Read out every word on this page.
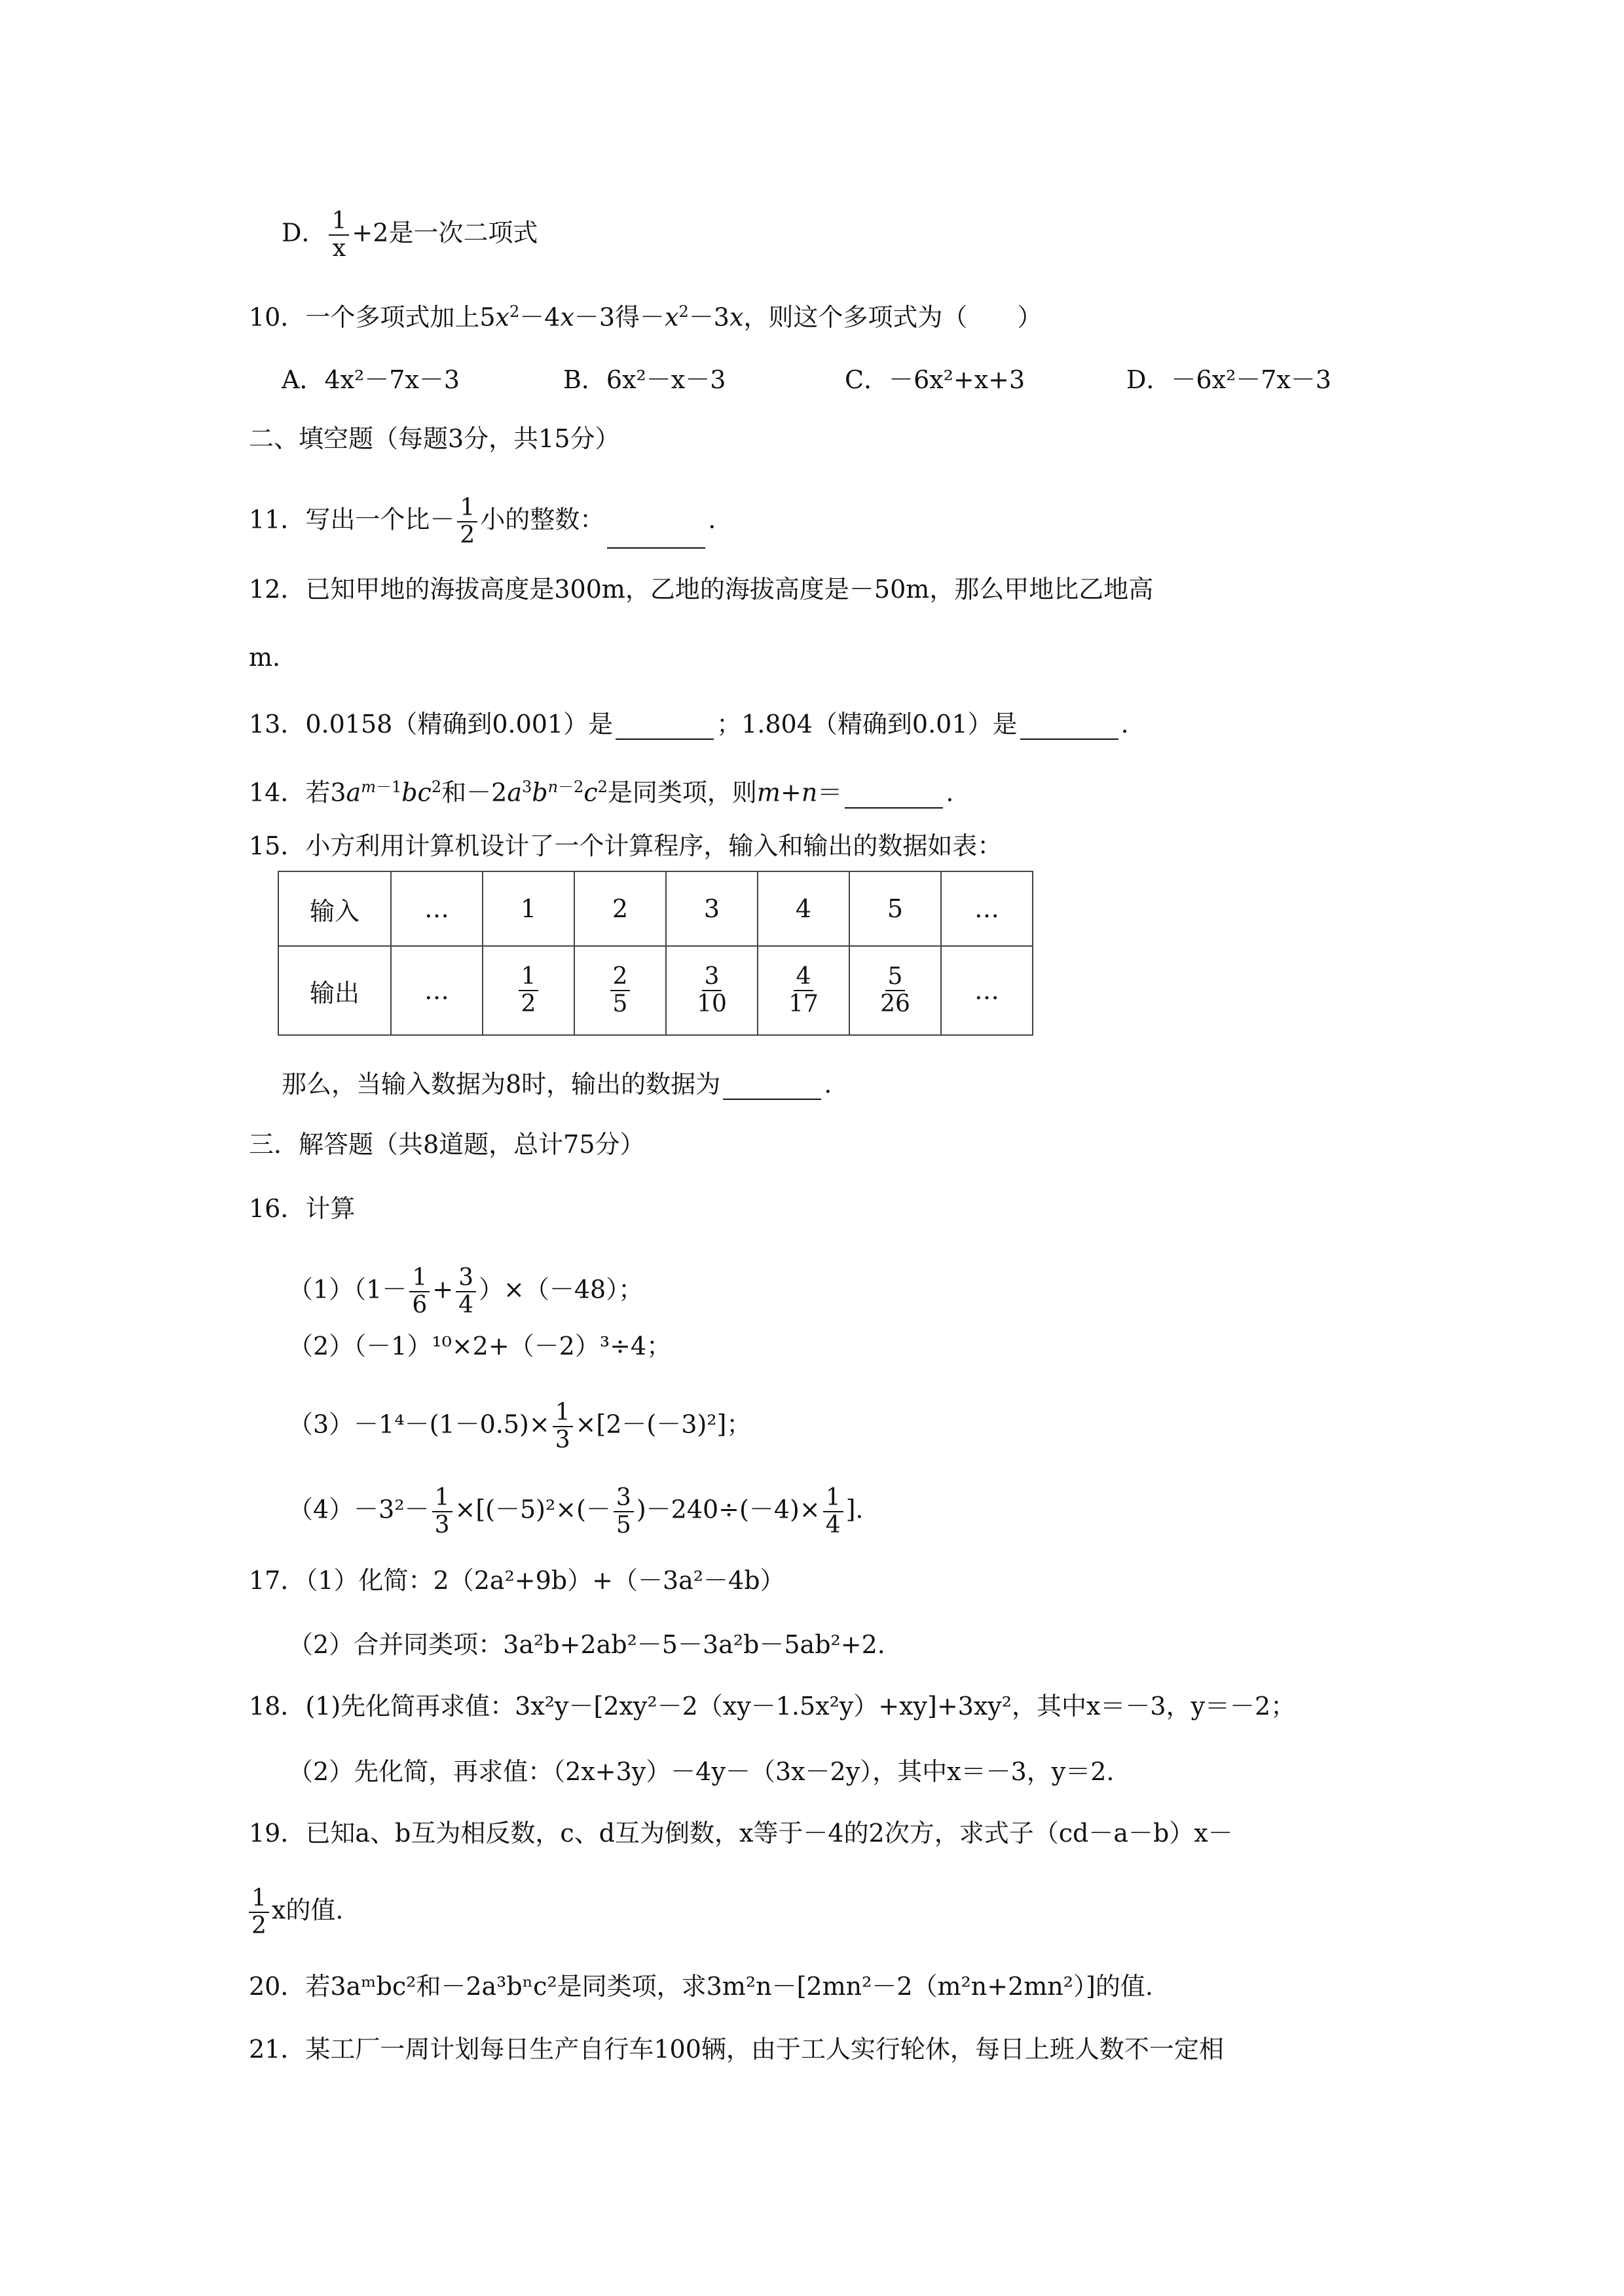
D． $\frac{1}{x} +2$是一次二项式
10．一个多项式加上$5x^2-4x-3$得$-x^2-3x$，则这个多项式为（　　）
A．4x²－7x－3	B．6x²－x－3	C．－6x²+x+3	D．－6x²－7x－3
二、填空题（每题3分，共15分）
11．写出一个比－ $\frac{1}{2}$ 小的整数：	.
12．已知甲地的海拔高度是300m，乙地的海拔高度是－50m，那么甲地比乙地高
m.
13．0.0158（精确到0.001）是	；1.804（精确到0.01）是	.
14．若$3a^{m-1}bc^2$和$-2a^3b^{n-2}c^2$是同类项，则m+n＝	.
15．小方利用计算机设计了一个计算程序，输入和输出的数据如表：
输入	…	1	2	3	4	5	…
输出	…	$\frac{1}{2}$	$\frac{2}{5}$	$\frac{3}{10}$	$\frac{4}{17}$	$\frac{5}{26}$	…
那么，当输入数据为8时，输出的数据为	.
三．解答题（共8道题，总计75分）
16．计算
$(1)(1- \frac{1}{6} + \frac{3}{4} )\times(-48)$；
（2）（－1）¹⁰×2+（－2）³÷4；
$(3)-1^4-(1-0.5)\times \frac{1}{3} \times[2-(-3)^2]$；
$(4)-3^2- \frac{1}{3} \times[(-5)^2\times(- \frac{3}{5} )-240\div(-4)\times \frac{1}{4}$ ].
17．（1）化简：2（2a²+9b）+（－3a²－4b）
（2）合并同类项：3a²b+2ab²－5－3a²b－5ab²+2.
18．(1)先化简再求值：3x²y－[2xy²－2（xy－1.5x²y）+xy]+3xy²，其中x＝－3，y＝－2；
（2）先化简，再求值：（2x+3y）－4y－（3x－2y），其中x＝－3，y＝2.
19．已知a、b互为相反数，c、d互为倒数，x等于－4的2次方，求式子（cd－a－b）x－
$\frac{1}{2}$ x的值.
20．若3aᵐbc²和－2a³bⁿc²是同类项，求3m²n－[2mn²－2（m²n+2mn²）]的值.
21．某工厂一周计划每日生产自行车100辆，由于工人实行轮休，每日上班人数不一定相
